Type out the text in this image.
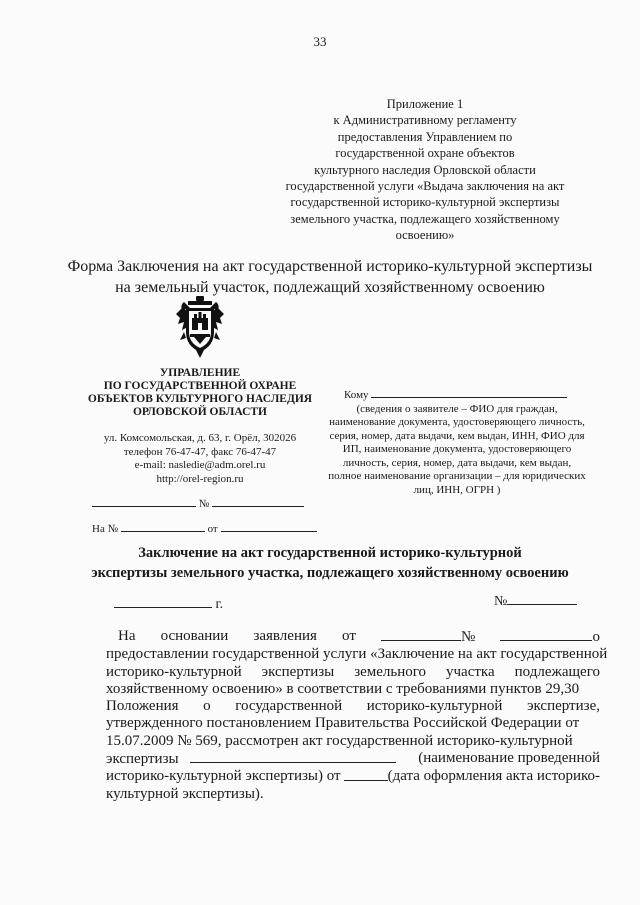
33
Приложение 1
к Административному регламенту
предоставления Управлением по
государственной охране объектов
культурного наследия Орловской области
государственной услуги «Выдача заключения на акт
государственной историко-культурной экспертизы
земельного участка, подлежащего хозяйственному
освоению»
Форма Заключения на акт государственной историко-культурной экспертизы
на земельный участок, подлежащий хозяйственному освоению
УПРАВЛЕНИЕ
ПО ГОСУДАРСТВЕННОЙ ОХРАНЕ
ОБЪЕКТОВ КУЛЬТУРНОГО НАСЛЕДИЯ
ОРЛОВСКОЙ ОБЛАСТИ
ул. Комсомольская, д. 63, г. Орёл, 302026
телефон 76-47-47, факс 76-47-47
e-mail: nasledie@adm.orel.ru
http://orel-region.ru
№
На №	от
Кому
(сведения о заявителе – ФИО для граждан,
наименование документа, удостоверяющего личность,
серия, номер, дата выдачи, кем выдан, ИНН, ФИО для
ИП, наименование документа, удостоверяющего
личность, серия, номер, дата выдачи, кем выдан,
полное наименование организации – для юридических
лиц, ИНН, ОГРН )
Заключение на акт государственной историко-культурной
экспертизы земельного участка, подлежащего хозяйственному освоению
г.	№
На основании заявления от	№	о
предоставлении государственной услуги «Заключение на акт государственной
историко-культурной экспертизы земельного участка подлежащего
хозяйственному освоению» в соответствии с требованиями пунктов 29,30
Положения о государственной историко-культурной экспертизе,
утвержденного постановлением Правительства Российской Федерации от
15.07.2009 № 569, рассмотрен акт государственной историко-культурной
экспертизы	(наименование проведенной
историко-культурной экспертизы) от
	(дата оформления акта историко-
культурной экспертизы).
